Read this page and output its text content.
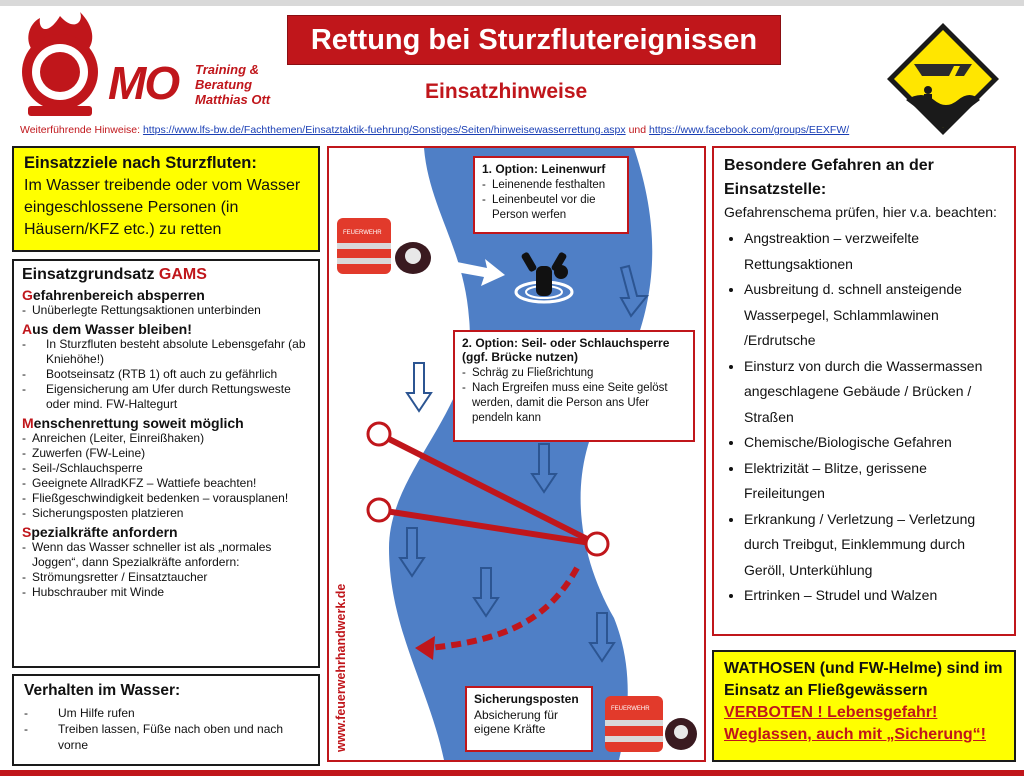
MO Training &
Beratung
Matthias Ott
Rettung bei Sturzflutereignissen
Einsatzhinweise
Weiterführende Hinweise: https://www.lfs-bw.de/Fachthemen/Einsatztaktik-fuehrung/Sonstiges/Seiten/hinweisewasserrettung.aspx und https://www.facebook.com/groups/EEXFW/
Einsatzziele nach Sturzfluten:
Im Wasser treibende oder vom Wasser eingeschlossene Personen (in Häusern/KFZ etc.) zu retten
Einsatzgrundsatz GAMS
Gefahrenbereich absperren
- Unüberlegte Rettungsaktionen unterbinden
Aus dem Wasser bleiben!
- In Sturzfluten besteht absolute Lebensgefahr (ab Kniehöhe!)
- Bootseinsatz (RTB 1) oft auch zu gefährlich
- Eigensicherung am Ufer durch Rettungsweste oder mind. FW-Haltegurt
Menschenrettung soweit möglich
- Anreichen (Leiter, Einreißhaken)
- Zuwerfen (FW-Leine)
- Seil-/Schlauchsperre
- Geeignete AllradKFZ – Wattiefe beachten!
- Fließgeschwindigkeit bedenken – vorausplanen!
- Sicherungsposten platzieren
Spezialkräfte anfordern
- Wenn das Wasser schneller ist als „normales Joggen“, dann Spezialkräfte anfordern:
- Strömungsretter / Einsatztaucher
- Hubschrauber mit Winde
Verhalten im Wasser:
- Um Hilfe rufen
- Treiben lassen, Füße nach oben und nach vorne
FEUERWEHR
FEUERWEHR
1. Option: Leinenwurf
- Leinenende festhalten
- Leinenbeutel vor die Person werfen
2. Option: Seil- oder Schlauchsperre (ggf. Brücke nutzen)
- Schräg zu Fließrichtung
- Nach Ergreifen muss eine Seite gelöst werden, damit die Person ans Ufer pendeln kann
Sicherungsposten
Absicherung für eigene Kräfte
www.feuerwehrhandwerk.de
Besondere Gefahren an der Einsatzstelle:
Gefahrenschema prüfen, hier v.a. beachten:
• Angstreaktion – verzweifelte Rettungsaktionen
• Ausbreitung d. schnell ansteigende Wasserpegel, Schlammlawinen /Erdrutsche
• Einsturz von durch die Wassermassen angeschlagene Gebäude / Brücken / Straßen
• Chemische/Biologische Gefahren
• Elektrizität – Blitze, gerissene Freileitungen
• Erkrankung / Verletzung – Verletzung durch Treibgut, Einklemmung durch Geröll, Unterkühlung
• Ertrinken – Strudel und Walzen
WATHOSEN (und FW-Helme) sind im Einsatz an Fließgewässern
VERBOTEN ! Lebensgefahr!
Weglassen, auch mit „Sicherung“!
